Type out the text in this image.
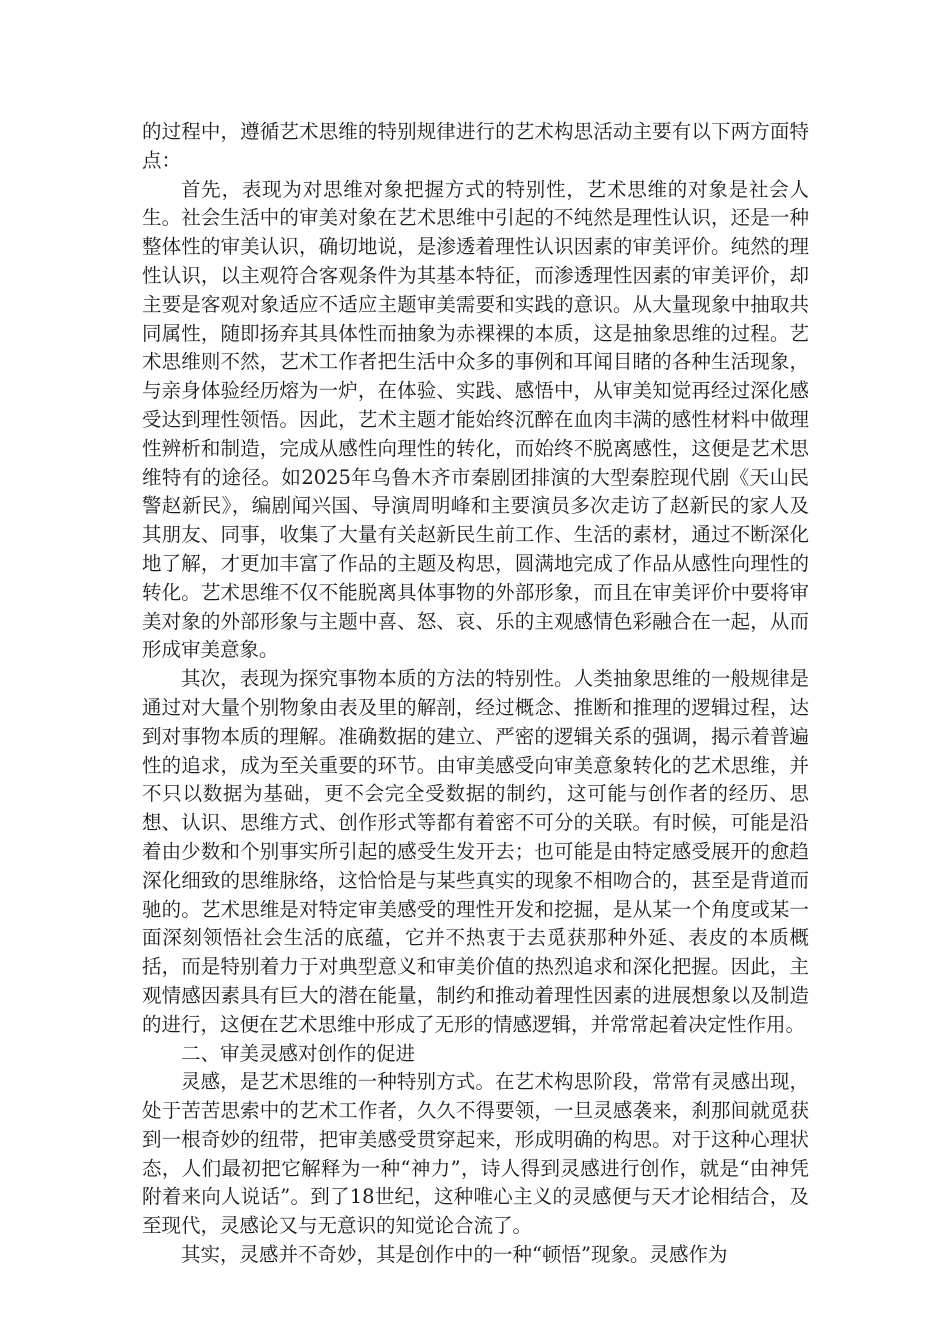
的过程中，遵循艺术思维的特别规律进行的艺术构思活动主要有以下两方面特点：

首先，表现为对思维对象把握方式的特别性，艺术思维的对象是社会人生。社会生活中的审美对象在艺术思维中引起的不纯然是理性认识，还是一种整体性的审美认识，确切地说，是渗透着理性认识因素的审美评价。纯然的理性认识，以主观符合客观条件为其基本特征，而渗透理性因素的审美评价，却主要是客观对象适应不适应主题审美需要和实践的意识。从大量现象中抽取共同属性，随即扬弃其具体性而抽象为赤裸裸的本质，这是抽象思维的过程。艺术思维则不然，艺术工作者把生活中众多的事例和耳闻目睹的各种生活现象，与亲身体验经历熔为一炉，在体验、实践、感悟中，从审美知觉再经过深化感受达到理性领悟。因此，艺术主题才能始终沉醉在血肉丰满的感性材料中做理性辨析和制造，完成从感性向理性的转化，而始终不脱离感性，这便是艺术思维特有的途径。如2025年乌鲁木齐市秦剧团排演的大型秦腔现代剧《天山民警赵新民》，编剧闻兴国、导演周明峰和主要演员多次走访了赵新民的家人及其朋友、同事，收集了大量有关赵新民生前工作、生活的素材，通过不断深化地了解，才更加丰富了作品的主题及构思，圆满地完成了作品从感性向理性的转化。艺术思维不仅不能脱离具体事物的外部形象，而且在审美评价中要将审美对象的外部形象与主题中喜、怒、哀、乐的主观感情色彩融合在一起，从而形成审美意象。

其次，表现为探究事物本质的方法的特别性。人类抽象思维的一般规律是通过对大量个别物象由表及里的解剖，经过概念、推断和推理的逻辑过程，达到对事物本质的理解。准确数据的建立、严密的逻辑关系的强调，揭示着普遍性的追求，成为至关重要的环节。由审美感受向审美意象转化的艺术思维，并不只以数据为基础，更不会完全受数据的制约，这可能与创作者的经历、思想、认识、思维方式、创作形式等都有着密不可分的关联。有时候，可能是沿着由少数和个别事实所引起的感受生发开去；也可能是由特定感受展开的愈趋深化细致的思维脉络，这恰恰是与某些真实的现象不相吻合的，甚至是背道而驰的。艺术思维是对特定审美感受的理性开发和挖掘，是从某一个角度或某一面深刻领悟社会生活的底蕴，它并不热衷于去觅获那种外延、表皮的本质概括，而是特别着力于对典型意义和审美价值的热烈追求和深化把握。因此，主观情感因素具有巨大的潜在能量，制约和推动着理性因素的进展想象以及制造的进行，这便在艺术思维中形成了无形的情感逻辑，并常常起着决定性作用。

二、审美灵感对创作的促进

灵感，是艺术思维的一种特别方式。在艺术构思阶段，常常有灵感出现，处于苦苦思索中的艺术工作者，久久不得要领，一旦灵感袭来，刹那间就觅获到一根奇妙的纽带，把审美感受贯穿起来，形成明确的构思。对于这种心理状态，人们最初把它解释为一种“神力”，诗人得到灵感进行创作，就是“由神凭附着来向人说话”。到了18世纪，这种唯心主义的灵感便与天才论相结合，及至现代，灵感论又与无意识的知觉论合流了。

其实，灵感并不奇妙，其是创作中的一种“顿悟”现象。灵感作为
